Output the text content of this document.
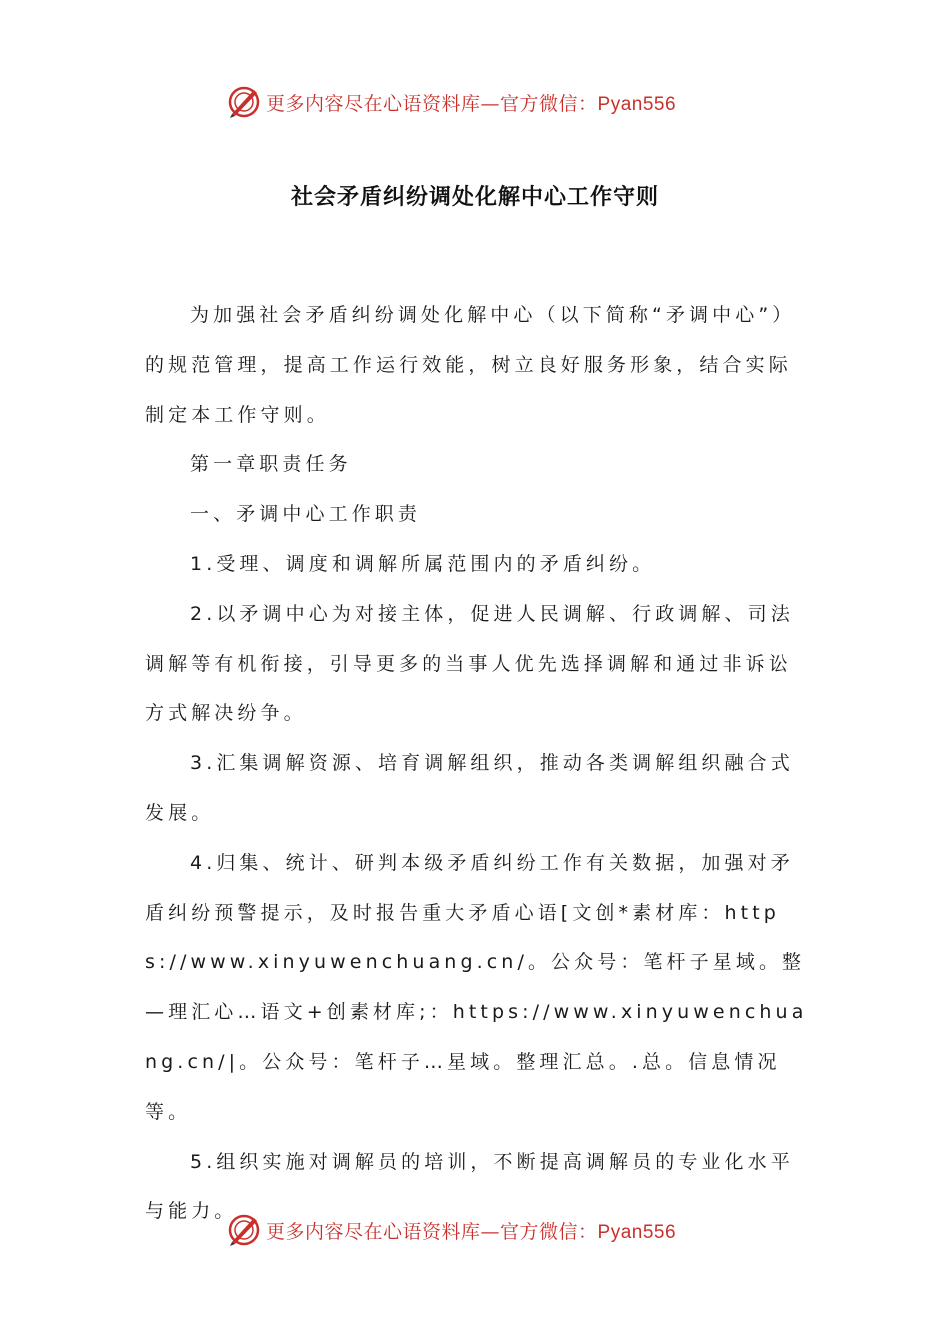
更多内容尽在心语资料库—官方微信：Pyan556
社会矛盾纠纷调处化解中心工作守则

为加强社会矛盾纠纷调处化解中心（以下简称“矛调中心”）的规范管理，提高工作运行效能，树立良好服务形象，结合实际制定本工作守则。

第一章职责任务

一、矛调中心工作职责

1.受理、调度和调解所属范围内的矛盾纠纷。

2.以矛调中心为对接主体，促进人民调解、行政调解、司法调解等有机衔接，引导更多的当事人优先选择调解和通过非诉讼方式解决纷争。

3.汇集调解资源、培育调解组织，推动各类调解组织融合式发展。

4.归集、统计、研判本级矛盾纠纷工作有关数据，加强对矛盾纠纷预警提示，及时报告重大矛盾心语[文创*素材库：https://www.xinyuwenchuang.cn/。公众号：笔杆子星域。整—理汇心…语文+创素材库;：https://www.xinyuwenchuang.cn/|。公众号：笔杆子…星域。整理汇总。.总。信息情况等。

5.组织实施对调解员的培训，不断提高调解员的专业化水平与能力。

更多内容尽在心语资料库—官方微信：Pyan556
